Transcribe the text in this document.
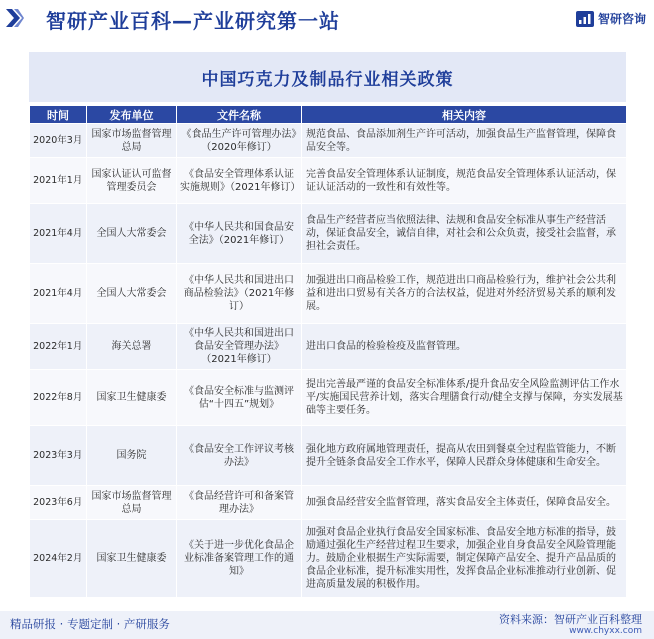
智研产业百科—产业研究第一站	智研咨询
中国巧克力及制品行业相关政策
时间	发布单位	文件名称	相关内容
2020年3月	国家市场监督管理总局	《食品生产许可管理办法》（2020年修订）	规范食品、食品添加剂生产许可活动，加强食品生产监督管理，保障食品安全等。
2021年1月	国家认证认可监督管理委员会	《食品安全管理体系认证实施规则》（2021年修订）	完善食品安全管理体系认证制度，规范食品安全管理体系认证活动，保证认证活动的一致性和有效性等。
2021年4月	全国人大常委会	《中华人民共和国食品安全法》（2021年修订）	食品生产经营者应当依照法律、法规和食品安全标准从事生产经营活动，保证食品安全，诚信自律，对社会和公众负责，接受社会监督，承担社会责任。
2021年4月	全国人大常委会	《中华人民共和国进出口商品检验法》（2021年修订）	加强进出口商品检验工作，规范进出口商品检验行为，维护社会公共利益和进出口贸易有关各方的合法权益，促进对外经济贸易关系的顺利发展。
2022年1月	海关总署	《中华人民共和国进出口食品安全管理办法》（2021年修订）	进出口食品的检验检疫及监督管理。
2022年8月	国家卫生健康委	《食品安全标准与监测评估“十四五”规划》	提出完善最严谨的食品安全标准体系/提升食品安全风险监测评估工作水平/实施国民营养计划，落实合理膳食行动/健全支撑与保障，夯实发展基础等主要任务。
2023年3月	国务院	《食品安全工作评议考核办法》	强化地方政府属地管理责任，提高从农田到餐桌全过程监管能力，不断提升全链条食品安全工作水平，保障人民群众身体健康和生命安全。
2023年6月	国家市场监督管理总局	《食品经营许可和备案管理办法》	加强食品经营安全监督管理，落实食品安全主体责任，保障食品安全。
2024年2月	国家卫生健康委	《关于进一步优化食品企业标准备案管理工作的通知》	加强对食品企业执行食品安全国家标准、食品安全地方标准的指导，鼓励通过强化生产经营过程卫生要求，加强企业自身食品安全风险管理能力。鼓励企业根据生产实际需要，制定保障产品安全、提升产品品质的食品企业标准，提升标准实用性，发挥食品企业标准推动行业创新、促进高质量发展的积极作用。
精品研报 · 专题定制 · 产研服务	资料来源：智研产业百科整理
www.chyxx.com
